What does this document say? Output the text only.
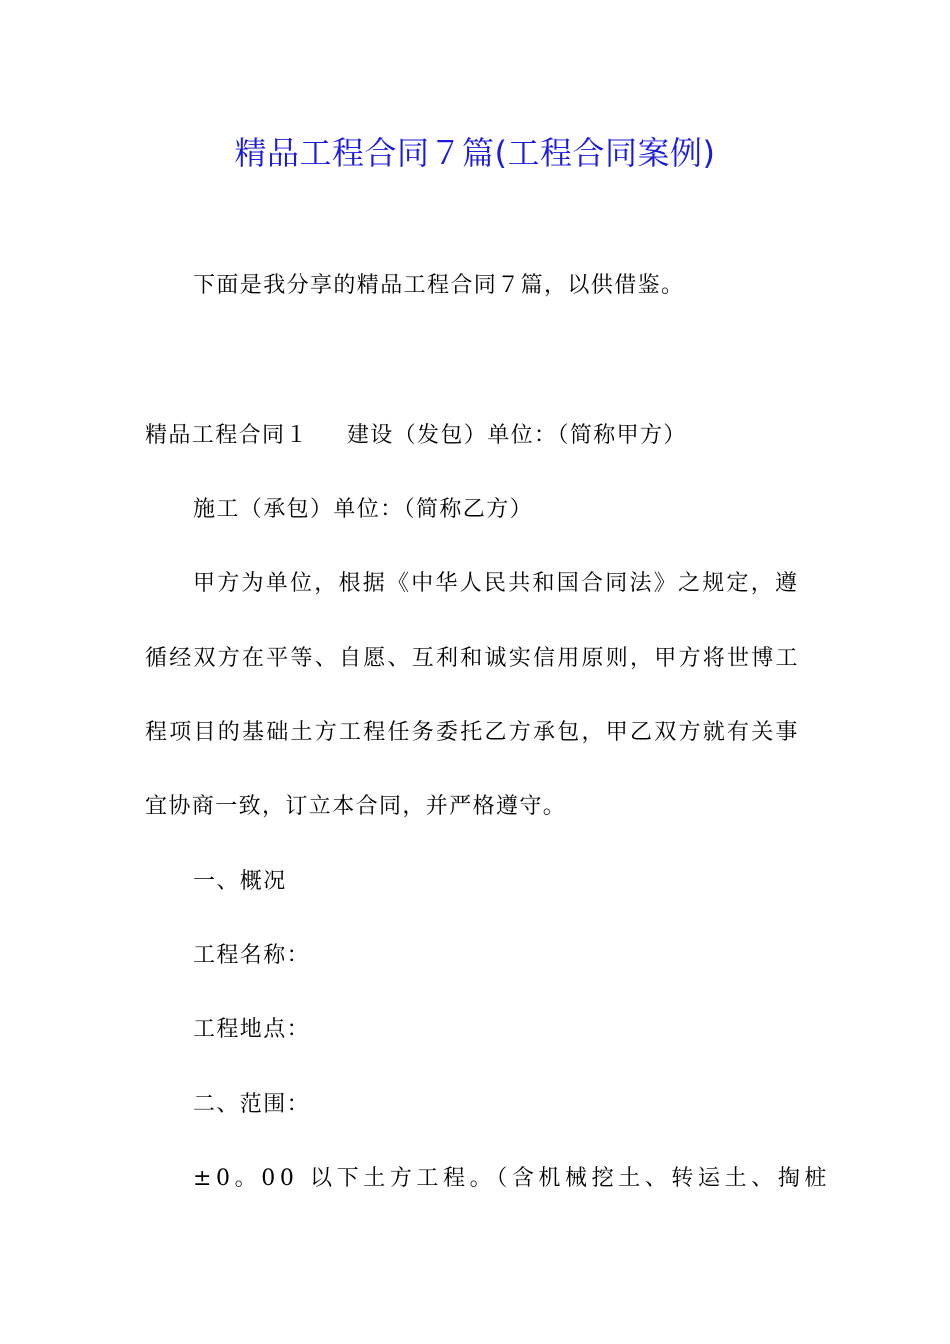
精品工程合同７篇(工程合同案例)
下面是我分享的精品工程合同７篇，以供借鉴。
精品工程合同１ 建设（发包）单位：（简称甲方）
施工（承包）单位：（简称乙方）
甲方为单位，根据《中华人民共和国合同法》之规定，遵
循经双方在平等、自愿、互利和诚实信用原则，甲方将世博工
程项目的基础土方工程任务委托乙方承包，甲乙双方就有关事
宜协商一致，订立本合同，并严格遵守。
一、概况
工程名称：
工程地点：
二、范围：
±0。00 以下土方工程。（含机械挖土、转运土、掏桩
